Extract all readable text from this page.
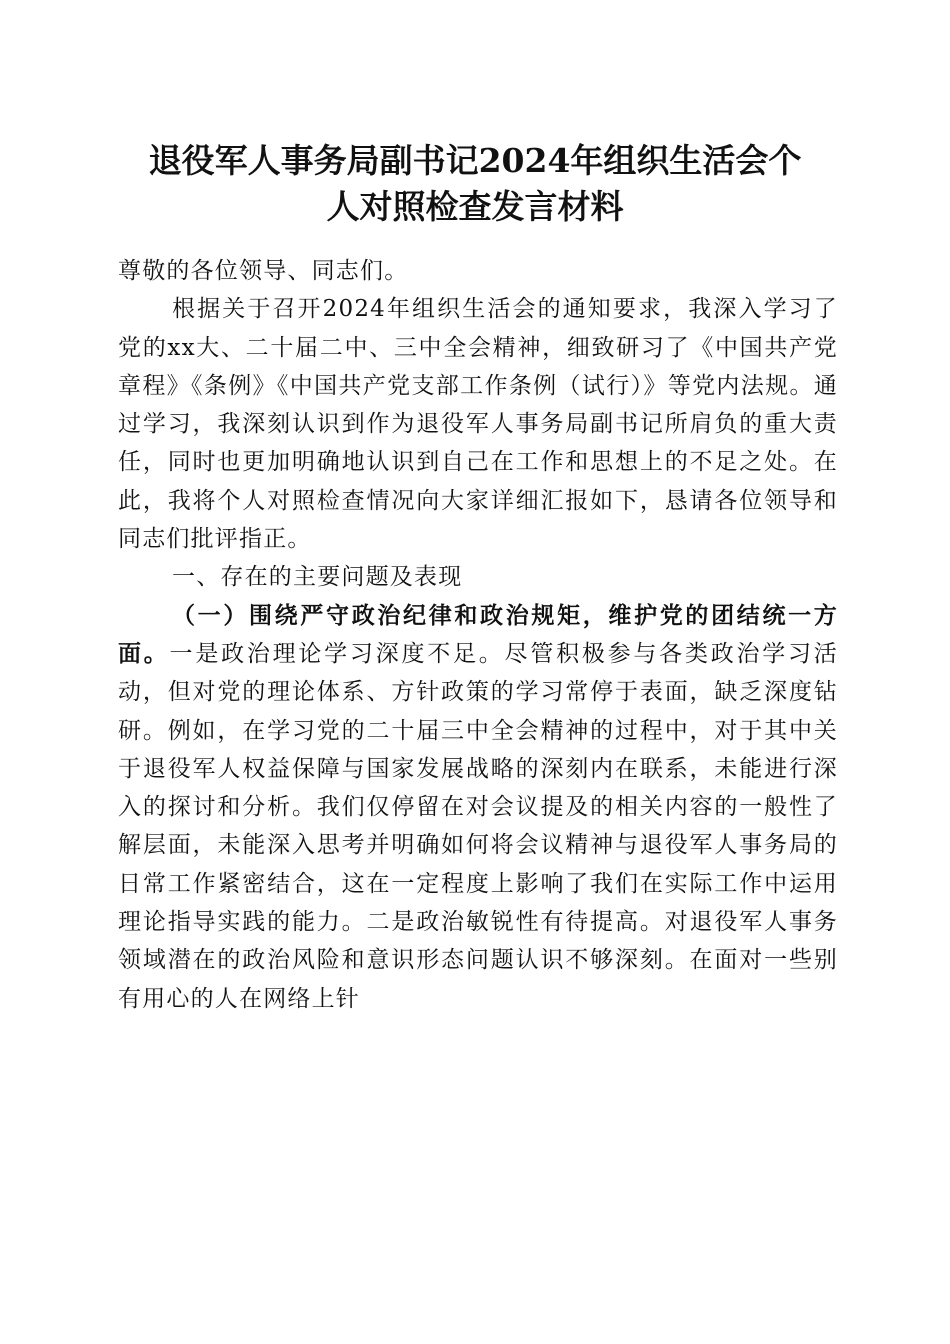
退役军人事务局副书记2024年组织生活会个
人对照检查发言材料

尊敬的各位领导、同志们。

根据关于召开2024年组织生活会的通知要求，我深入学习了党的xx大、二十届二中、三中全会精神，细致研习了《中国共产党章程》《条例》《中国共产党支部工作条例（试行）》等党内法规。通过学习，我深刻认识到作为退役军人事务局副书记所肩负的重大责任，同时也更加明确地认识到自己在工作和思想上的不足之处。在此，我将个人对照检查情况向大家详细汇报如下，恳请各位领导和同志们批评指正。

一、存在的主要问题及表现

（一）围绕严守政治纪律和政治规矩，维护党的团结统一方面。一是政治理论学习深度不足。尽管积极参与各类政治学习活动，但对党的理论体系、方针政策的学习常停于表面，缺乏深度钻研。例如，在学习党的二十届三中全会精神的过程中，对于其中关于退役军人权益保障与国家发展战略的深刻内在联系，未能进行深入的探讨和分析。我们仅停留在对会议提及的相关内容的一般性了解层面，未能深入思考并明确如何将会议精神与退役军人事务局的日常工作紧密结合，这在一定程度上影响了我们在实际工作中运用理论指导实践的能力。二是政治敏锐性有待提高。对退役军人事务领域潜在的政治风险和意识形态问题认识不够深刻。在面对一些别有用心的人在网络上针
